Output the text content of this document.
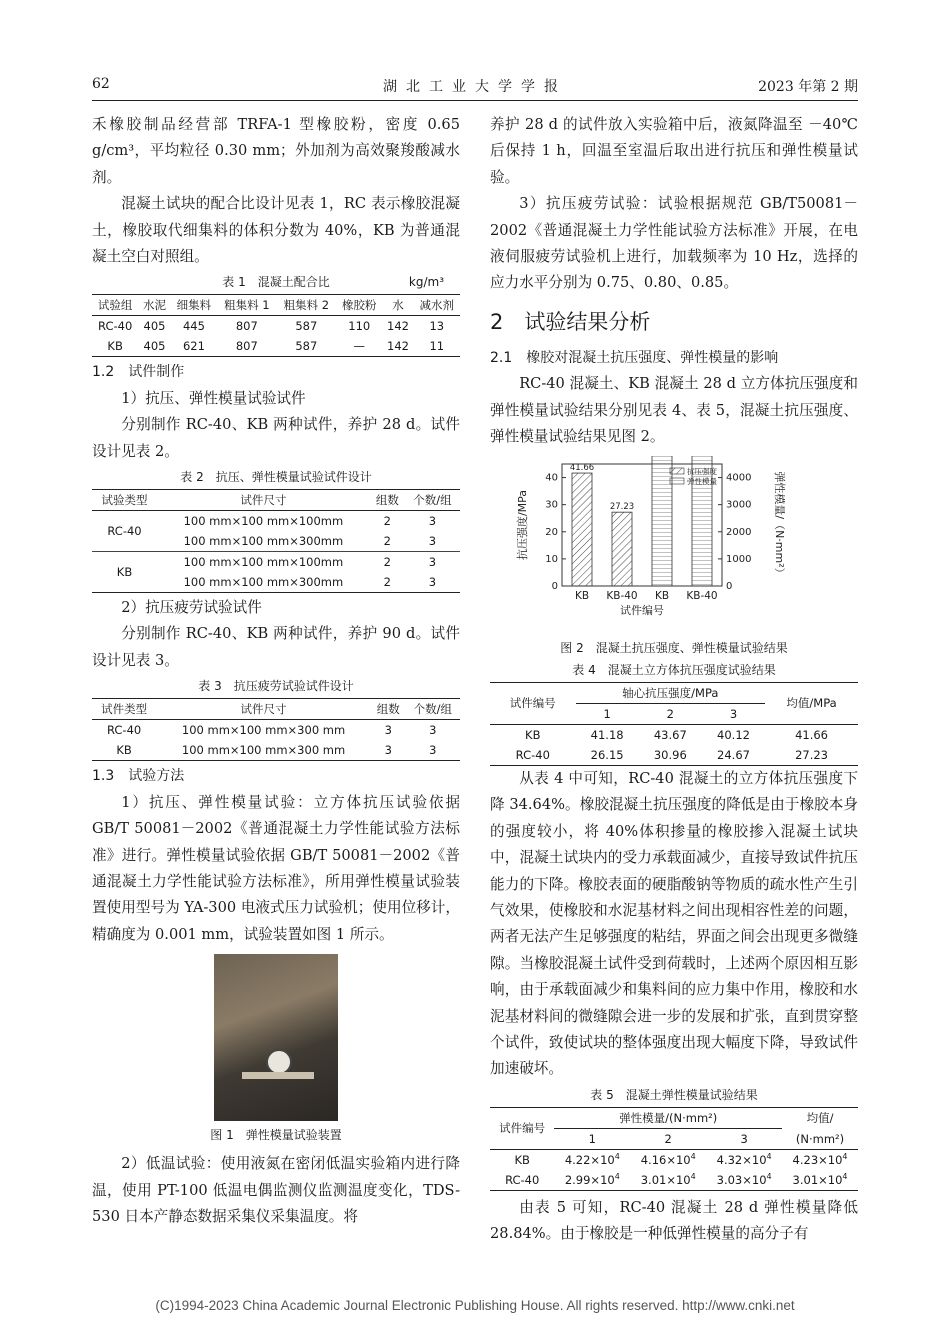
62	湖北工业大学学报	2023 年第 2 期
禾橡胶制品经营部 TRFA-1 型橡胶粉，密度 0.65 g/cm³，平均粒径 0.30 mm；外加剂为高效聚羧酸减水剂。
混凝土试块的配合比设计见表 1，RC 表示橡胶混凝土，橡胶取代细集料的体积分数为 40%，KB 为普通混凝土空白对照组。
表 1　混凝土配合比	kg/m³
试验组	水泥	细集料	粗集料 1	粗集料 2	橡胶粉	水	减水剂
RC-40	405	445	807	587	110	142	13
KB	405	621	807	587	—	142	11
1.2　试件制作
1）抗压、弹性模量试验试件
分别制作 RC-40、KB 两种试件，养护 28 d。试件设计见表 2。
表 2　抗压、弹性模量试验试件设计
试验类型	试件尺寸	组数	个数/组
RC-40	100 mm×100 mm×100mm	2	3
	100 mm×100 mm×300mm	2	3
KB	100 mm×100 mm×100mm	2	3
	100 mm×100 mm×300mm	2	3
2）抗压疲劳试验试件
分别制作 RC-40、KB 两种试件，养护 90 d。试件设计见表 3。
表 3　抗压疲劳试验试件设计
试件类型	试件尺寸	组数	个数/组
RC-40	100 mm×100 mm×300 mm	3	3
KB	100 mm×100 mm×300 mm	3	3
1.3　试验方法
1）抗压、弹性模量试验：立方体抗压试验依据 GB/T 50081－2002《普通混凝土力学性能试验方法标准》进行。弹性模量试验依据 GB/T 50081－2002《普通混凝土力学性能试验方法标准》，所用弹性模量试验装置使用型号为 YA-300 电液式压力试验机；使用位移计，精确度为 0.001 mm，试验装置如图 1 所示。
图 1　弹性模量试验装置
2）低温试验：使用液氮在密闭低温实验箱内进行降温，使用 PT-100 低温电偶监测仪监测温度变化，TDS-530 日本产静态数据采集仪采集温度。将
养护 28 d 的试件放入实验箱中后，液氮降温至 －40℃后保持 1 h，回温至室温后取出进行抗压和弹性模量试验。
3）抗压疲劳试验：试验根据规范 GB/T50081－2002《普通混凝土力学性能试验方法标准》开展，在电液伺服疲劳试验机上进行，加载频率为 10 Hz，选择的应力水平分别为 0.75、0.80、0.85。
2　试验结果分析
2.1　橡胶对混凝土抗压强度、弹性模量的影响
RC-40 混凝土、KB 混凝土 28 d 立方体抗压强度和弹性模量试验结果分别见表 4、表 5，混凝土抗压强度、弹性模量试验结果见图 2。
0
10
20
30
40
0
1000
2000
3000
4000
KB KB-40 KB KB-40
41.66
27.23
抗压强度
弹性模量
试件编号
抗压强度/MPa	弹性模量/（N·mm²）
图 2　混凝土抗压强度、弹性模量试验结果
表 4　混凝土立方体抗压强度试验结果
试件编号	轴心抗压强度/MPa			均值/MPa
	1	2	3	
KB	41.18	43.67	40.12	41.66
RC-40	26.15	30.96	24.67	27.23
从表 4 中可知，RC-40 混凝土的立方体抗压强度下降 34.64%。橡胶混凝土抗压强度的降低是由于橡胶本身的强度较小，将 40%体积掺量的橡胶掺入混凝土试块中，混凝土试块内的受力承载面减少，直接导致试件抗压能力的下降。橡胶表面的硬脂酸钠等物质的疏水性产生引气效果，使橡胶和水泥基材料之间出现相容性差的问题，两者无法产生足够强度的粘结，界面之间会出现更多微缝隙。当橡胶混凝土试件受到荷载时，上述两个原因相互影响，由于承载面减少和集料间的应力集中作用，橡胶和水泥基材料间的微缝隙会进一步的发展和扩张，直到贯穿整个试件，致使试块的整体强度出现大幅度下降，导致试件加速破坏。
表 5　混凝土弹性模量试验结果
试件编号	弹性模量/(N·mm²)			均值/
	1	2	3	(N·mm²)
KB	$4.22\times 10^4$	$4.16\times 10^4$	$4.32\times 10^4$	$4.23\times 10^4$
RC-40	$2.99\times 10^4$	$3.01\times 10^4$	$3.03\times 10^4$	$3.01\times 10^4$
由表 5 可知，RC-40 混凝土 28 d 弹性模量降低 28.84%。由于橡胶是一种低弹性模量的高分子有
(C)1994-2023 China Academic Journal Electronic Publishing House. All rights reserved. http://www.cnki.net
